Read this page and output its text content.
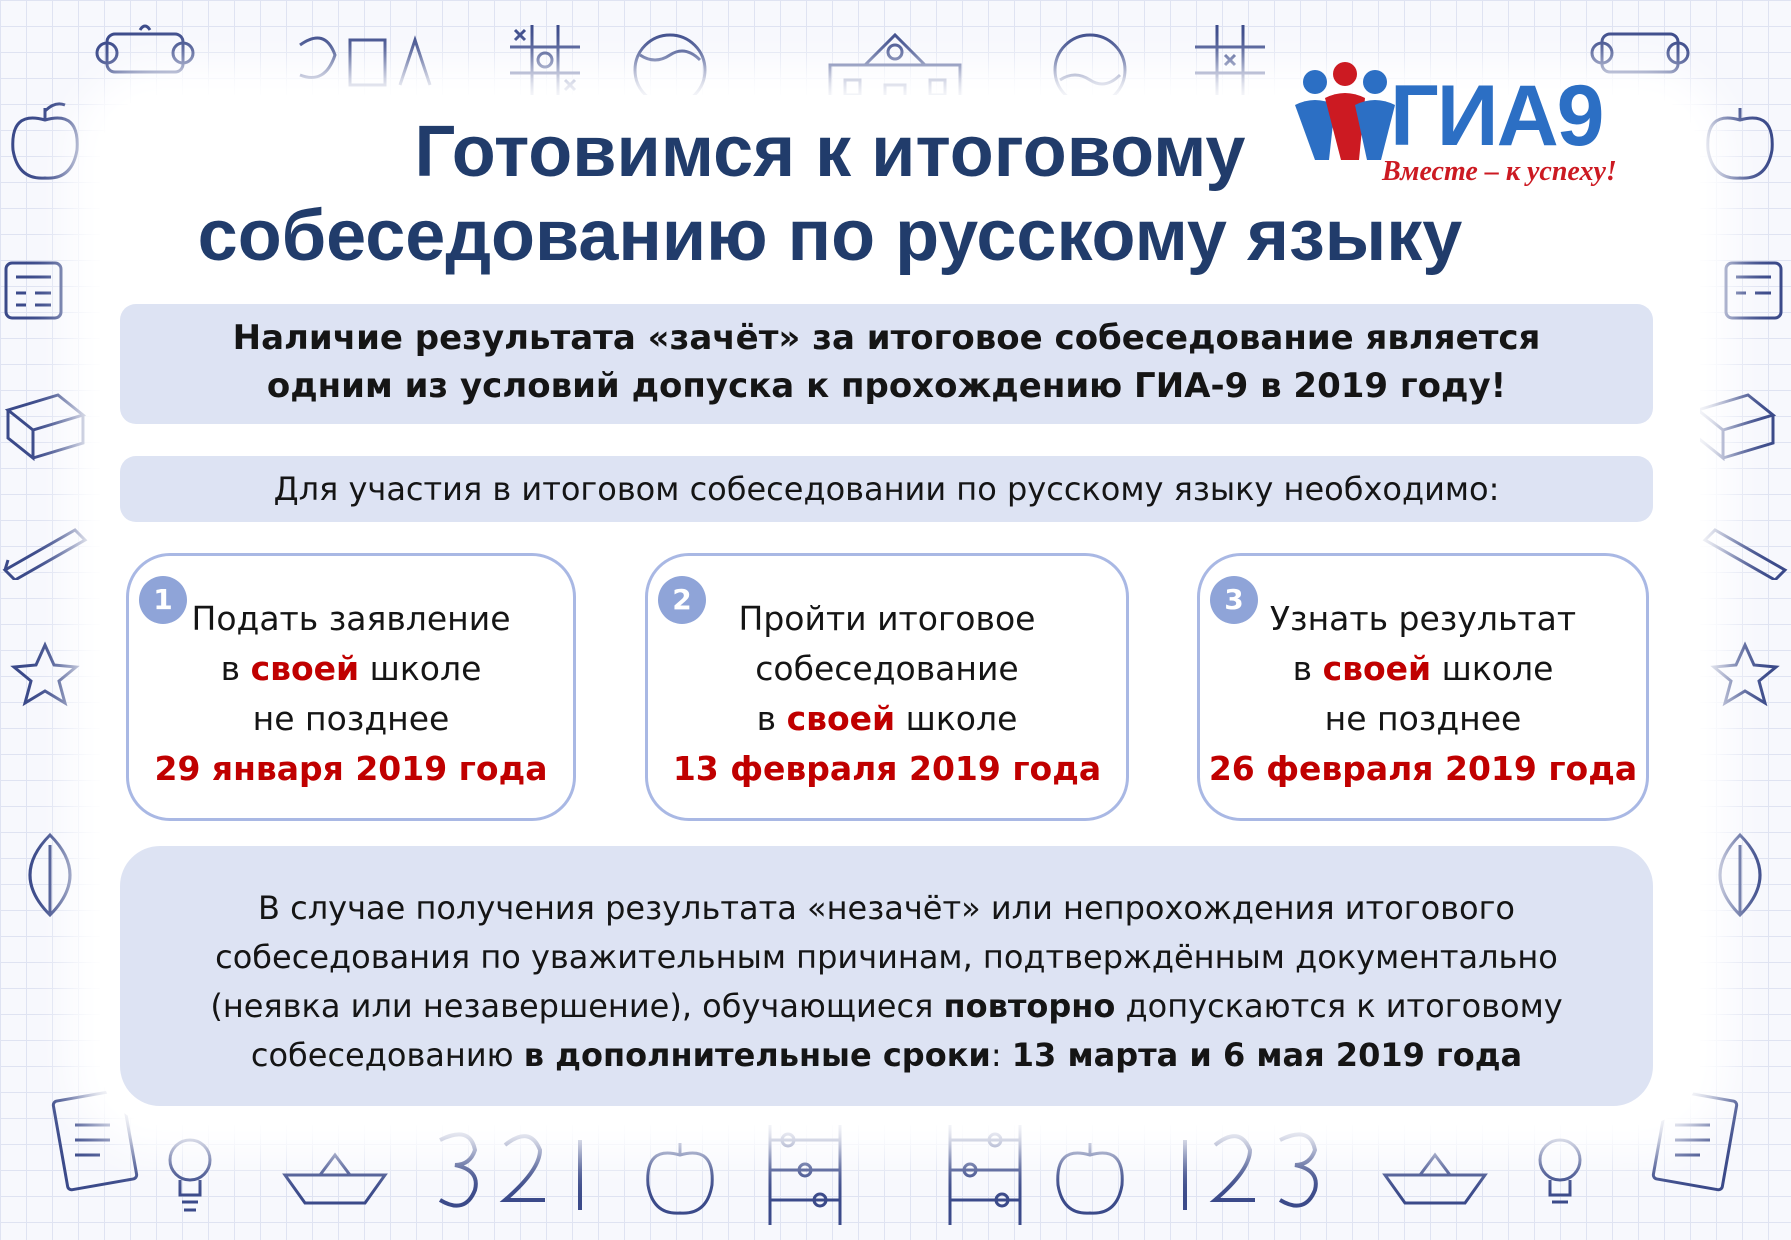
Готовимся к итоговому
собеседованию по русскому языку
ГИА9
Вместе – к успеху!
Наличие результата «зачёт» за итоговое собеседование является
одним из условий допуска к прохождению ГИА-9 в 2019 году!
Для участия в итоговом собеседовании по русскому языку необходимо:
1 Подать заявление
в своей школе
не позднее
29 января 2019 года
2	Пройти итоговое
собеседование
в своей школе
13 февраля 2019 года
3 Узнать результат
в своей школе
не позднее
26 февраля 2019 года
В случае получения результата «незачёт» или непрохождения итогового
собеседования по уважительным причинам, подтверждённым документально
(неявка или незавершение), обучающиеся повторно допускаются к итоговому
собеседованию в дополнительные сроки: 13 марта и 6 мая 2019 года
